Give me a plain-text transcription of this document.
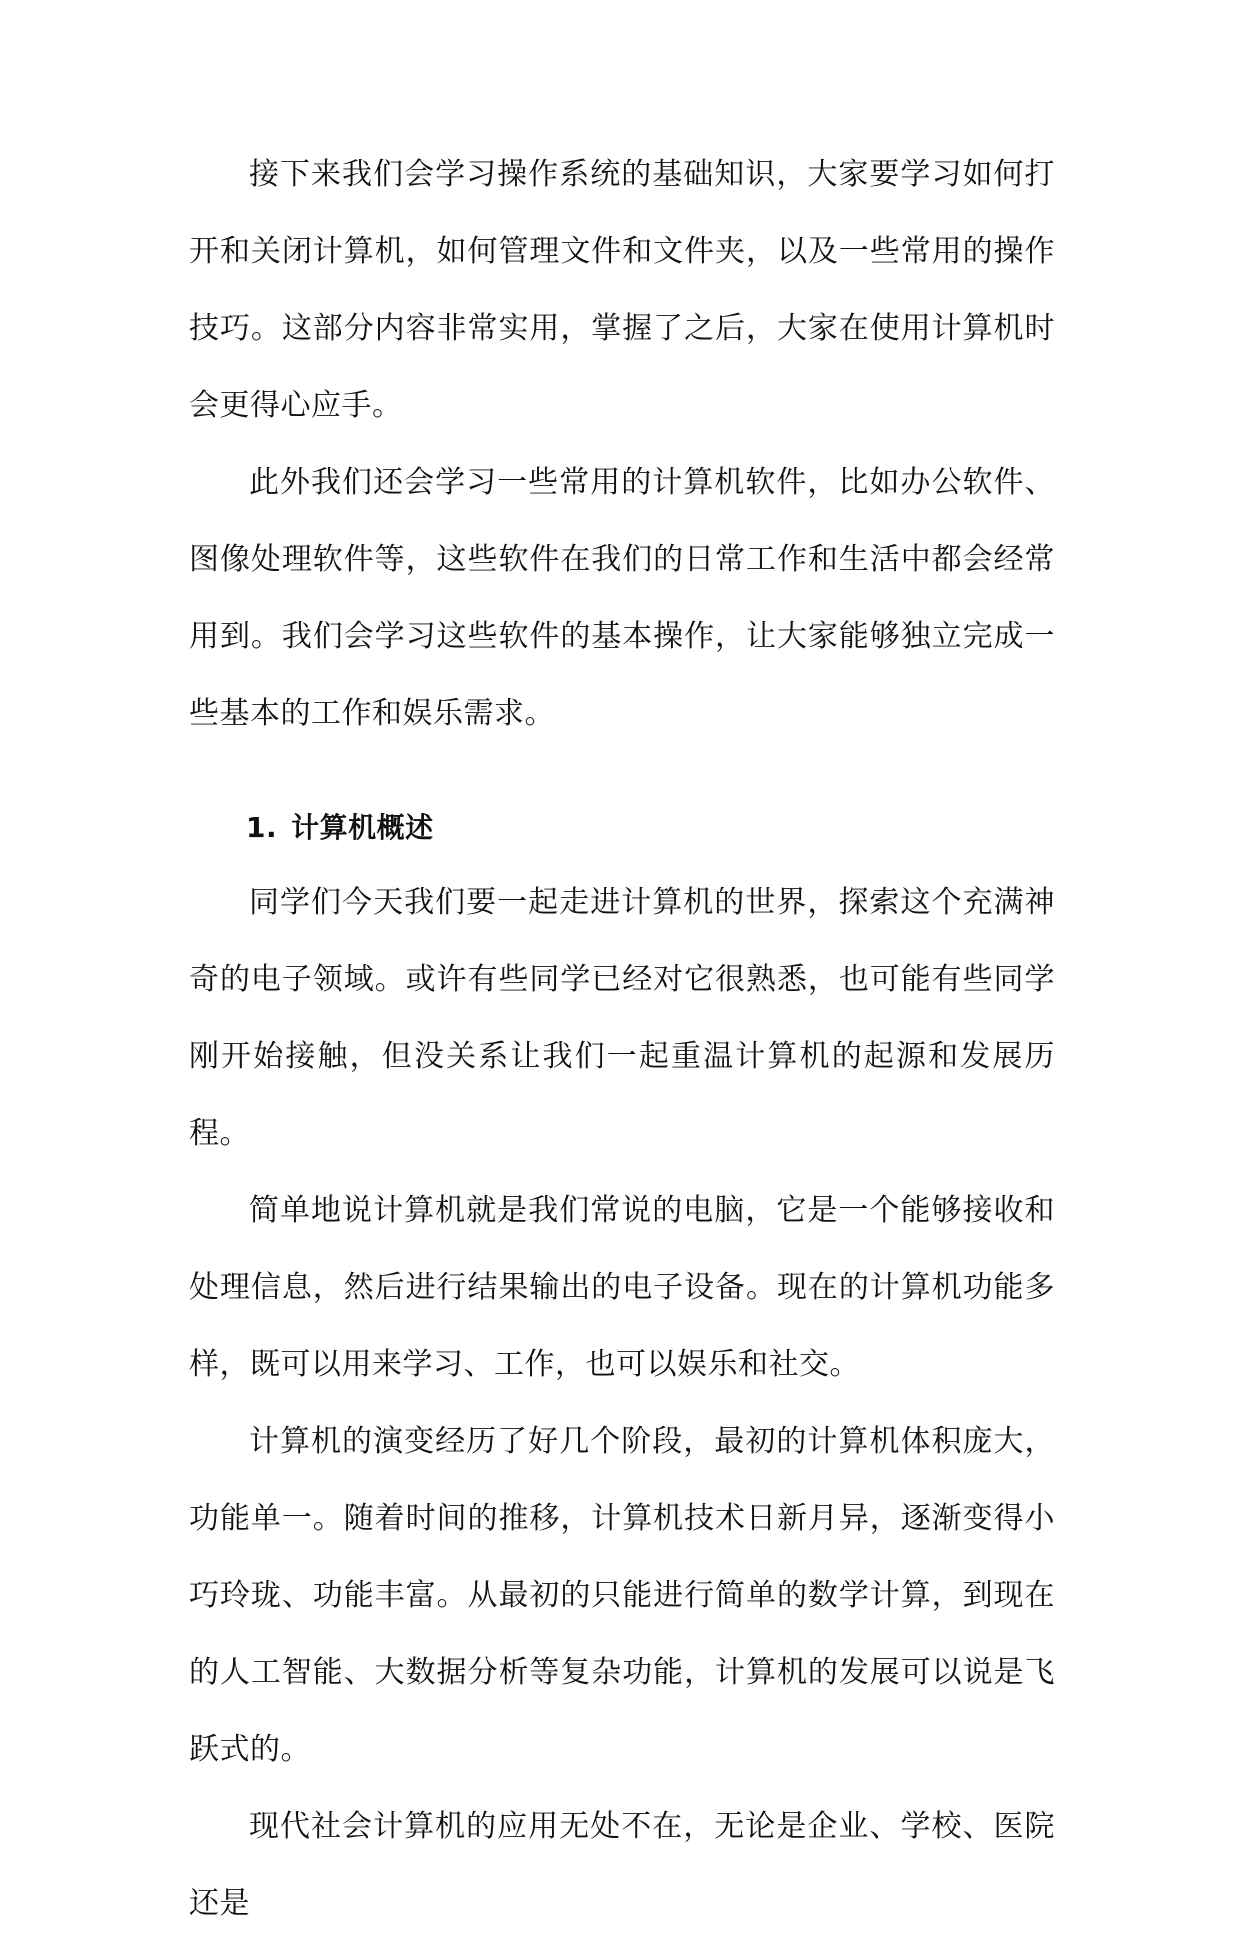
接下来我们会学习操作系统的基础知识，大家要学习如何打开和关闭计算机，如何管理文件和文件夹，以及一些常用的操作技巧。这部分内容非常实用，掌握了之后，大家在使用计算机时会更得心应手。

此外我们还会学习一些常用的计算机软件，比如办公软件、图像处理软件等，这些软件在我们的日常工作和生活中都会经常用到。我们会学习这些软件的基本操作，让大家能够独立完成一些基本的工作和娱乐需求。

1. 计算机概述

同学们今天我们要一起走进计算机的世界，探索这个充满神奇的电子领域。或许有些同学已经对它很熟悉，也可能有些同学刚开始接触，但没关系让我们一起重温计算机的起源和发展历程。

简单地说计算机就是我们常说的电脑，它是一个能够接收和处理信息，然后进行结果输出的电子设备。现在的计算机功能多样，既可以用来学习、工作，也可以娱乐和社交。

计算机的演变经历了好几个阶段，最初的计算机体积庞大，功能单一。随着时间的推移，计算机技术日新月异，逐渐变得小巧玲珑、功能丰富。从最初的只能进行简单的数学计算，到现在的人工智能、大数据分析等复杂功能，计算机的发展可以说是飞跃式的。

现代社会计算机的应用无处不在，无论是企业、学校、医院还是
